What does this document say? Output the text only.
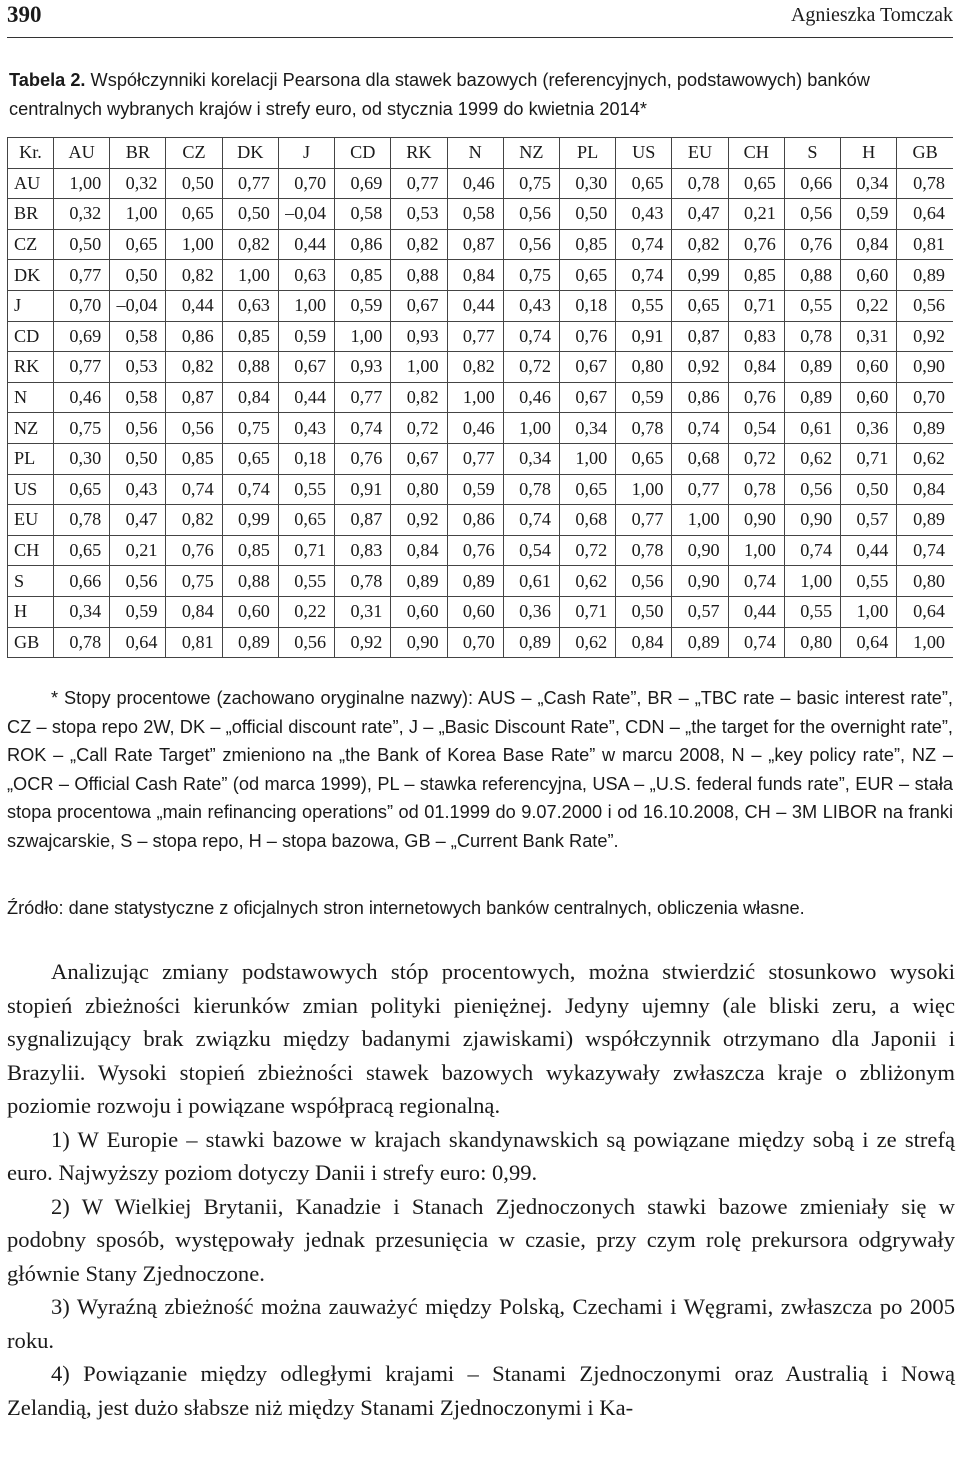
390	Agnieszka Tomczak
Tabela 2. Współczynniki korelacji Pearsona dla stawek bazowych (referencyjnych, podstawowych) banków centralnych wybranych krajów i strefy euro, od stycznia 1999 do kwietnia 2014*
Kr.	AU	BR	CZ	DK	J	CD	RK	N	NZ	PL	US	EU	CH	S	H	GB
AU	1,00	0,32	0,50	0,77	0,70	0,69	0,77	0,46	0,75	0,30	0,65	0,78	0,65	0,66	0,34	0,78
BR	0,32	1,00	0,65	0,50	–0,04	0,58	0,53	0,58	0,56	0,50	0,43	0,47	0,21	0,56	0,59	0,64
CZ	0,50	0,65	1,00	0,82	0,44	0,86	0,82	0,87	0,56	0,85	0,74	0,82	0,76	0,76	0,84	0,81
DK	0,77	0,50	0,82	1,00	0,63	0,85	0,88	0,84	0,75	0,65	0,74	0,99	0,85	0,88	0,60	0,89
J	0,70	–0,04	0,44	0,63	1,00	0,59	0,67	0,44	0,43	0,18	0,55	0,65	0,71	0,55	0,22	0,56
CD	0,69	0,58	0,86	0,85	0,59	1,00	0,93	0,77	0,74	0,76	0,91	0,87	0,83	0,78	0,31	0,92
RK	0,77	0,53	0,82	0,88	0,67	0,93	1,00	0,82	0,72	0,67	0,80	0,92	0,84	0,89	0,60	0,90
N	0,46	0,58	0,87	0,84	0,44	0,77	0,82	1,00	0,46	0,67	0,59	0,86	0,76	0,89	0,60	0,70
NZ	0,75	0,56	0,56	0,75	0,43	0,74	0,72	0,46	1,00	0,34	0,78	0,74	0,54	0,61	0,36	0,89
PL	0,30	0,50	0,85	0,65	0,18	0,76	0,67	0,77	0,34	1,00	0,65	0,68	0,72	0,62	0,71	0,62
US	0,65	0,43	0,74	0,74	0,55	0,91	0,80	0,59	0,78	0,65	1,00	0,77	0,78	0,56	0,50	0,84
EU	0,78	0,47	0,82	0,99	0,65	0,87	0,92	0,86	0,74	0,68	0,77	1,00	0,90	0,90	0,57	0,89
CH	0,65	0,21	0,76	0,85	0,71	0,83	0,84	0,76	0,54	0,72	0,78	0,90	1,00	0,74	0,44	0,74
S	0,66	0,56	0,75	0,88	0,55	0,78	0,89	0,89	0,61	0,62	0,56	0,90	0,74	1,00	0,55	0,80
H	0,34	0,59	0,84	0,60	0,22	0,31	0,60	0,60	0,36	0,71	0,50	0,57	0,44	0,55	1,00	0,64
GB	0,78	0,64	0,81	0,89	0,56	0,92	0,90	0,70	0,89	0,62	0,84	0,89	0,74	0,80	0,64	1,00
* Stopy procentowe (zachowano oryginalne nazwy): AUS – „Cash Rate”, BR – „TBC rate – basic interest rate”, CZ – stopa repo 2W, DK – „official discount rate”, J – „Basic Discount Rate”, CDN – „the target for the overnight rate”, ROK – „Call Rate Target” zmieniono na „the Bank of Korea Base Rate” w marcu 2008, N – „key policy rate”, NZ – „OCR – Official Cash Rate” (od marca 1999), PL – stawka referencyjna, USA – „U.S. federal funds rate”, EUR – stała stopa procentowa „main refinancing operations” od 01.1999 do 9.07.2000 i od 16.10.2008, CH – 3M LIBOR na franki szwajcarskie, S – stopa repo, H – stopa bazowa, GB – „Current Bank Rate”.
Źródło: dane statystyczne z oficjalnych stron internetowych banków centralnych, obliczenia własne.

Analizując zmiany podstawowych stóp procentowych, można stwierdzić stosunkowo wysoki stopień zbieżności kierunków zmian polityki pieniężnej. Jedyny ujemny (ale bliski zeru, a więc sygnalizujący brak związku między badanymi zjawiskami) współczynnik otrzymano dla Japonii i Brazylii. Wysoki stopień zbieżności stawek bazowych wykazywały zwłaszcza kraje o zbliżonym poziomie rozwoju i powiązane współpracą regionalną.

1) W Europie – stawki bazowe w krajach skandynawskich są powiązane między sobą i ze strefą euro. Najwyższy poziom dotyczy Danii i strefy euro: 0,99.

2) W Wielkiej Brytanii, Kanadzie i Stanach Zjednoczonych stawki bazowe zmieniały się w podobny sposób, występowały jednak przesunięcia w czasie, przy czym rolę prekursora odgrywały głównie Stany Zjednoczone.

3) Wyraźną zbieżność można zauważyć między Polską, Czechami i Węgrami, zwłaszcza po 2005 roku.

4) Powiązanie między odległymi krajami – Stanami Zjednoczonymi oraz Australią i Nową Zelandią, jest dużo słabsze niż między Stanami Zjednoczonymi i Ka-
